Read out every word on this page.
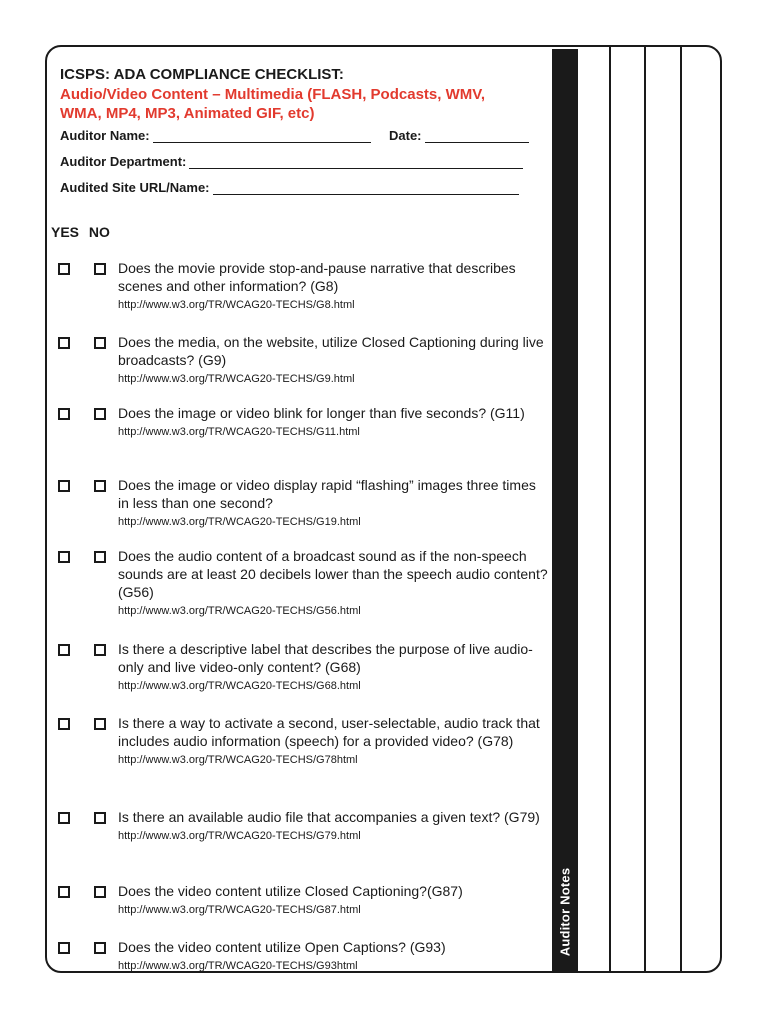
Auditor Notes
ICSPS: ADA COMPLIANCE CHECKLIST:
Audio/Video Content – Multimedia (FLASH, Podcasts, WMV, WMA, MP4, MP3, Animated GIF, etc)
Auditor Name:	Date:
Auditor Department:
Audited Site URL/Name:
YES NO
Does the movie provide stop-and-pause narrative that describes scenes and other information? (G8)
http://www.w3.org/TR/WCAG20-TECHS/G8.html
Does the media, on the website, utilize Closed Captioning during live broadcasts? (G9)
http://www.w3.org/TR/WCAG20-TECHS/G9.html
Does the image or video blink for longer than five seconds? (G11)
http://www.w3.org/TR/WCAG20-TECHS/G11.html
Does the image or video display rapid “flashing” images three times in less than one second?
http://www.w3.org/TR/WCAG20-TECHS/G19.html
Does the audio content of a broadcast sound as if the non-speech sounds are at least 20 decibels lower than the speech audio content? (G56)
http://www.w3.org/TR/WCAG20-TECHS/G56.html
Is there a descriptive label that describes the purpose of live audio-only and live video-only content? (G68)
http://www.w3.org/TR/WCAG20-TECHS/G68.html
Is there a way to activate a second, user-selectable, audio track that includes audio information (speech) for a provided video? (G78)
http://www.w3.org/TR/WCAG20-TECHS/G78html
Is there an available audio file that accompanies a given text? (G79)
http://www.w3.org/TR/WCAG20-TECHS/G79.html
Does the video content utilize Closed Captioning?(G87)
http://www.w3.org/TR/WCAG20-TECHS/G87.html
Does the video content utilize Open Captions? (G93)
http://www.w3.org/TR/WCAG20-TECHS/G93html
